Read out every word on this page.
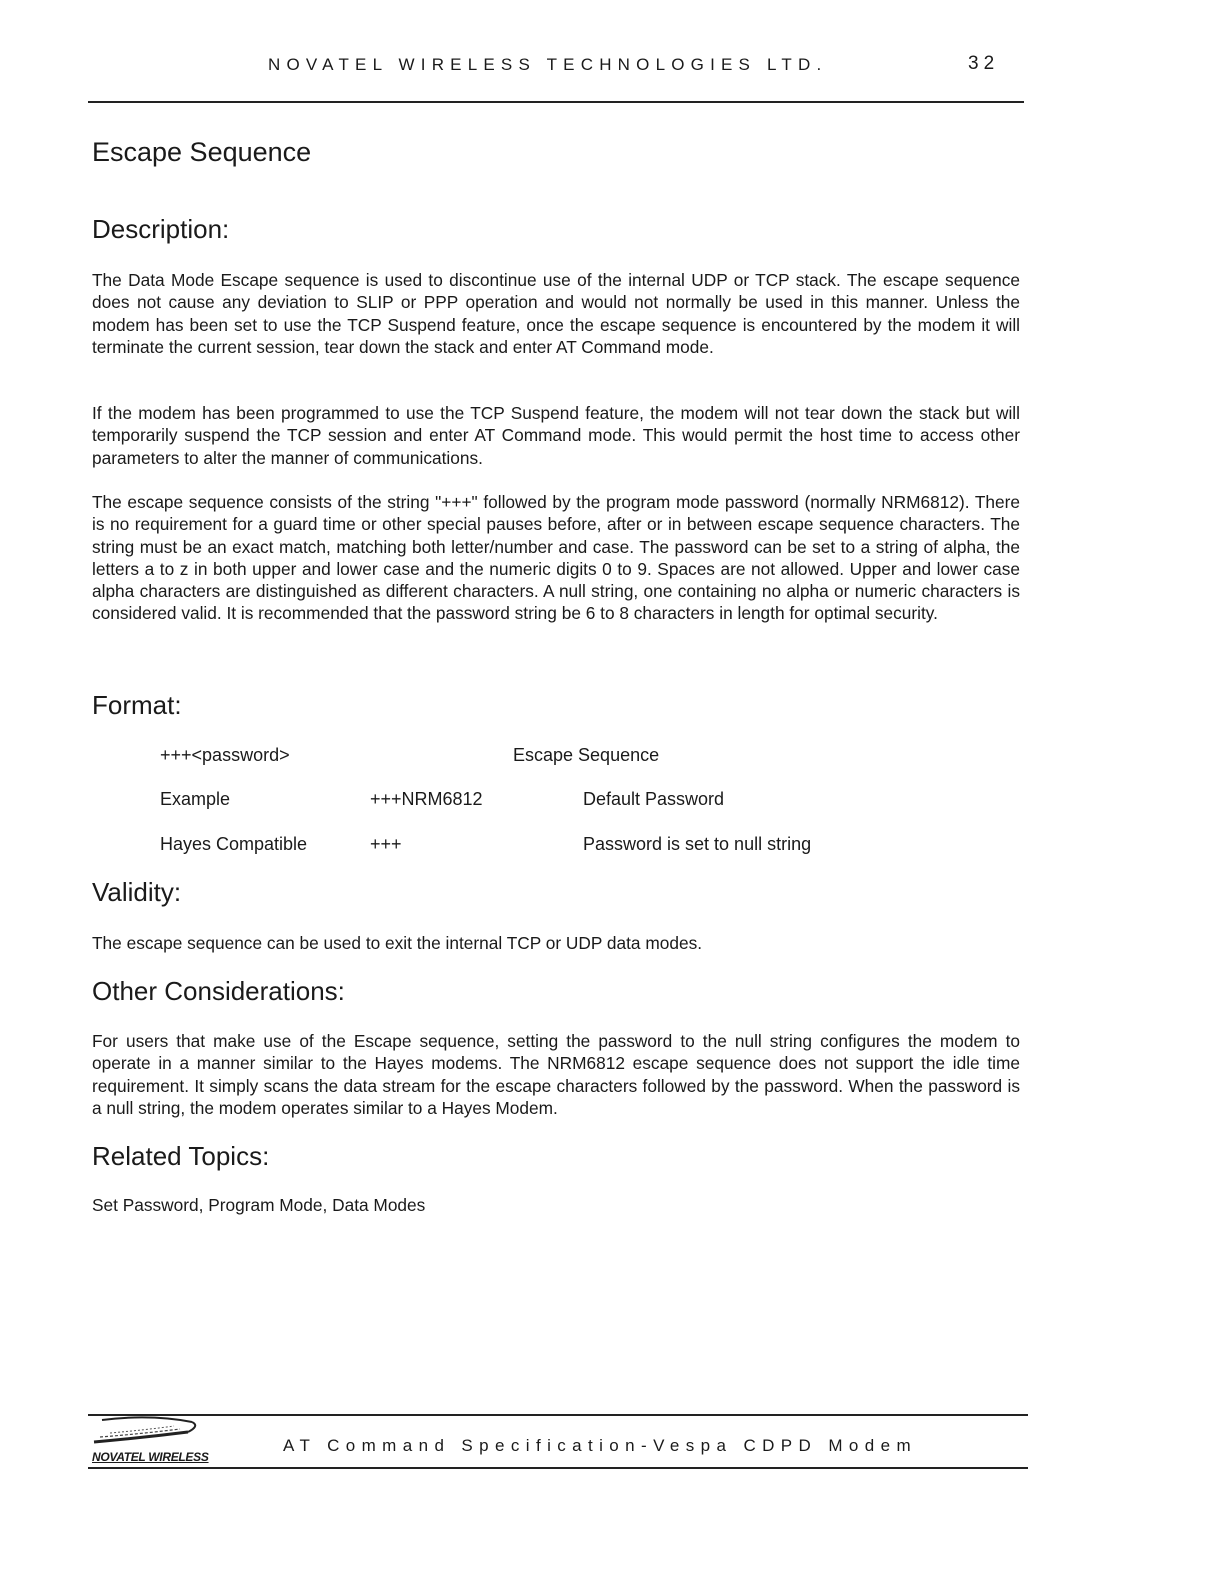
NOVATEL WIRELESS TECHNOLOGIES LTD.	32
Escape Sequence
Description:

The Data Mode Escape sequence is used to discontinue use of the internal UDP or TCP stack. The escape sequence does not cause any deviation to SLIP or PPP operation and would not normally be used in this manner. Unless the modem has been set to use the TCP Suspend feature, once the escape sequence is encountered by the modem it will terminate the current session, tear down the stack and enter AT Command mode.

If the modem has been programmed to use the TCP Suspend feature, the modem will not tear down the stack but will temporarily suspend the TCP session and enter AT Command mode. This would permit the host time to access other parameters to alter the manner of communications.

The escape sequence consists of the string "+++" followed by the program mode password (normally NRM6812). There is no requirement for a guard time or other special pauses before, after or in between escape sequence characters. The string must be an exact match, matching both letter/number and case. The password can be set to a string of alpha, the letters a to z in both upper and lower case and the numeric digits 0 to 9. Spaces are not allowed. Upper and lower case alpha characters are distinguished as different characters. A null string, one containing no alpha or numeric characters is considered valid. It is recommended that the password string be 6 to 8 characters in length for optimal security.

Format:
+++<password>	Escape Sequence
Example	+++NRM6812	Default Password
Hayes Compatible	+++	Password is set to null string
Validity:

The escape sequence can be used to exit the internal TCP or UDP data modes.

Other Considerations:

For users that make use of the Escape sequence, setting the password to the null string configures the modem to operate in a manner similar to the Hayes modems. The NRM6812 escape sequence does not support the idle time requirement. It simply scans the data stream for the escape characters followed by the password. When the password is a null string, the modem operates similar to a Hayes Modem.

Related Topics:

Set Password, Program Mode, Data Modes

NOVATEL WIRELESS
AT Command Specification-Vespa CDPD Modem
